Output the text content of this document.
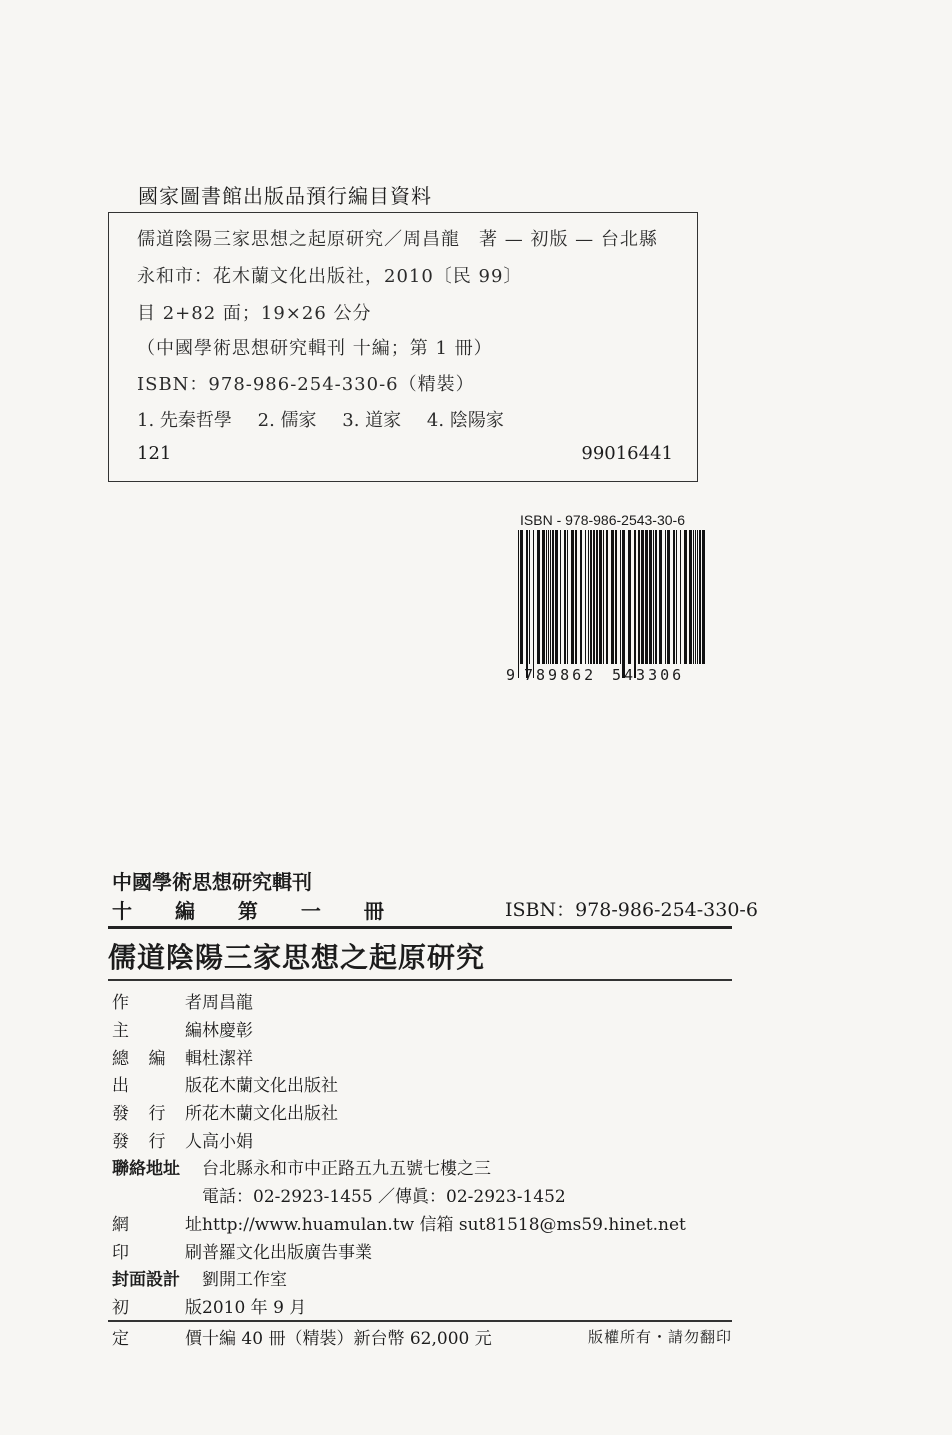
國家圖書館出版品預行編目資料
儒道陰陽三家思想之起原研究／周昌龍　著 — 初版 — 台北縣
永和市：花木蘭文化出版社，2010〔民 99〕
目 2+82 面；19×26 公分
（中國學術思想研究輯刊 十編；第 1 冊）
ISBN：978-986-254-330-6（精裝）
1. 先秦哲學 2. 儒家 3. 道家 4. 陰陽家
121	99016441
ISBN - 978-986-2543-30-6
9 789862 543306
中國學術思想研究輯刊
十 編 第 一 冊	ISBN：978-986-254-330-6
儒道陰陽三家思想之起原研究
作	者 周昌龍
主	編 林慶彰
總 編 輯 杜潔祥
出	版 花木蘭文化出版社
發 行 所 花木蘭文化出版社
發 行 人 高小娟
聯絡地址 台北縣永和市中正路五九五號七樓之三
電話：02-2923-1455 ／傳眞：02-2923-1452
網	址 http://www.huamulan.tw 信箱 sut81518@ms59.hinet.net
印	刷 普羅文化出版廣告事業
封面設計 劉開工作室
初	版 2010 年 9 月
定	價 十編 40 冊（精裝）新台幣 62,000 元	版權所有・請勿翻印
